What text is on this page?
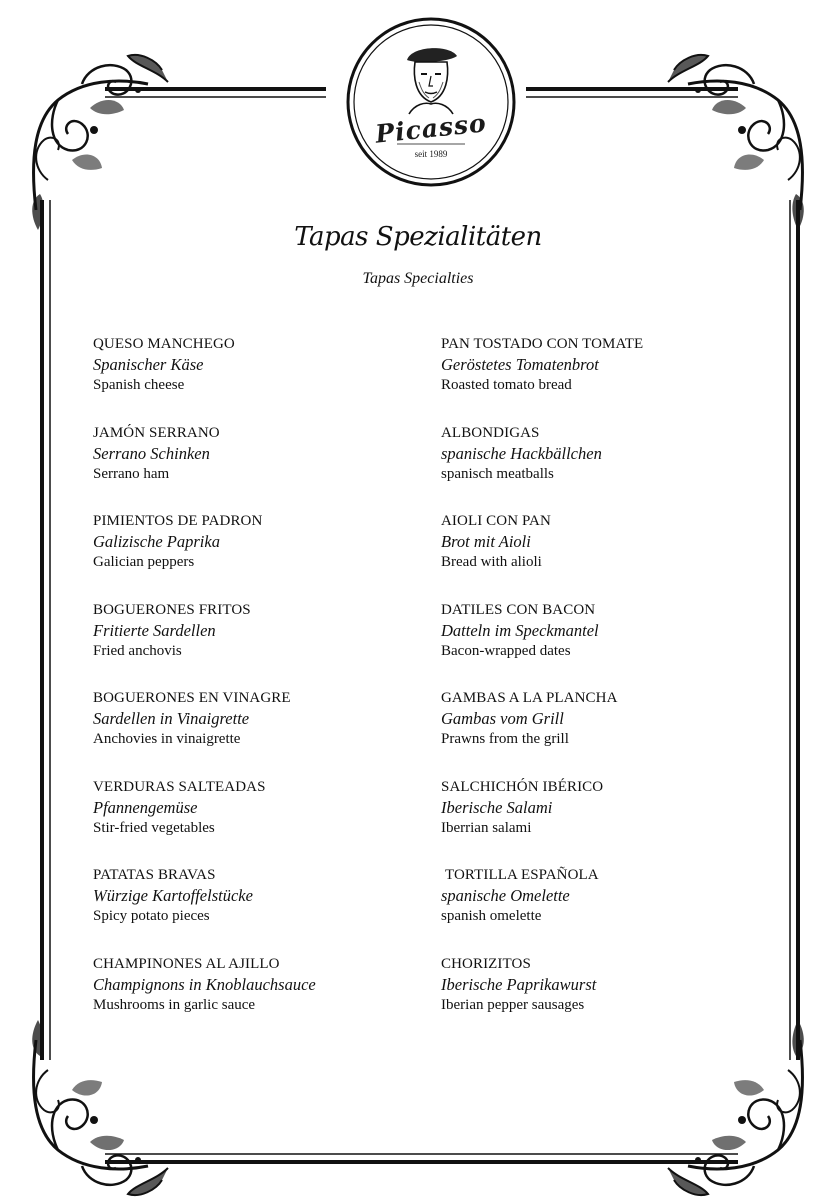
Picasso
seit 1989
Tapas Spezialitäten
Tapas Specialties
QUESO MANCHEGO
Spanischer Käse
Spanish cheese
JAMÓN SERRANO
Serrano Schinken
Serrano ham
PIMIENTOS DE PADRON
Galizische Paprika
Galician peppers
BOGUERONES FRITOS
Fritierte Sardellen
Fried anchovis
BOGUERONES EN VINAGRE
Sardellen in Vinaigrette
Anchovies in vinaigrette
VERDURAS SALTEADAS
Pfannengemüse
Stir-fried vegetables
PATATAS BRAVAS
Würzige Kartoffelstücke
Spicy potato pieces
CHAMPINONES AL AJILLO
Champignons in Knoblauchsauce
Mushrooms in garlic sauce
PAN TOSTADO CON TOMATE
Geröstetes Tomatenbrot
Roasted tomato bread
ALBONDIGAS
spanische Hackbällchen
spanisch meatballs
AIOLI CON PAN
Brot mit Aioli
Bread with alioli
DATILES CON BACON
Datteln im Speckmantel
Bacon-wrapped dates
GAMBAS A LA PLANCHA
Gambas vom Grill
Prawns from the grill
SALCHICHÓN IBÉRICO
Iberische Salami
Iberrian salami
TORTILLA ESPAÑOLA
spanische Omelette
spanish omelette
CHORIZITOS
Iberische Paprikawurst
Iberian pepper sausages
